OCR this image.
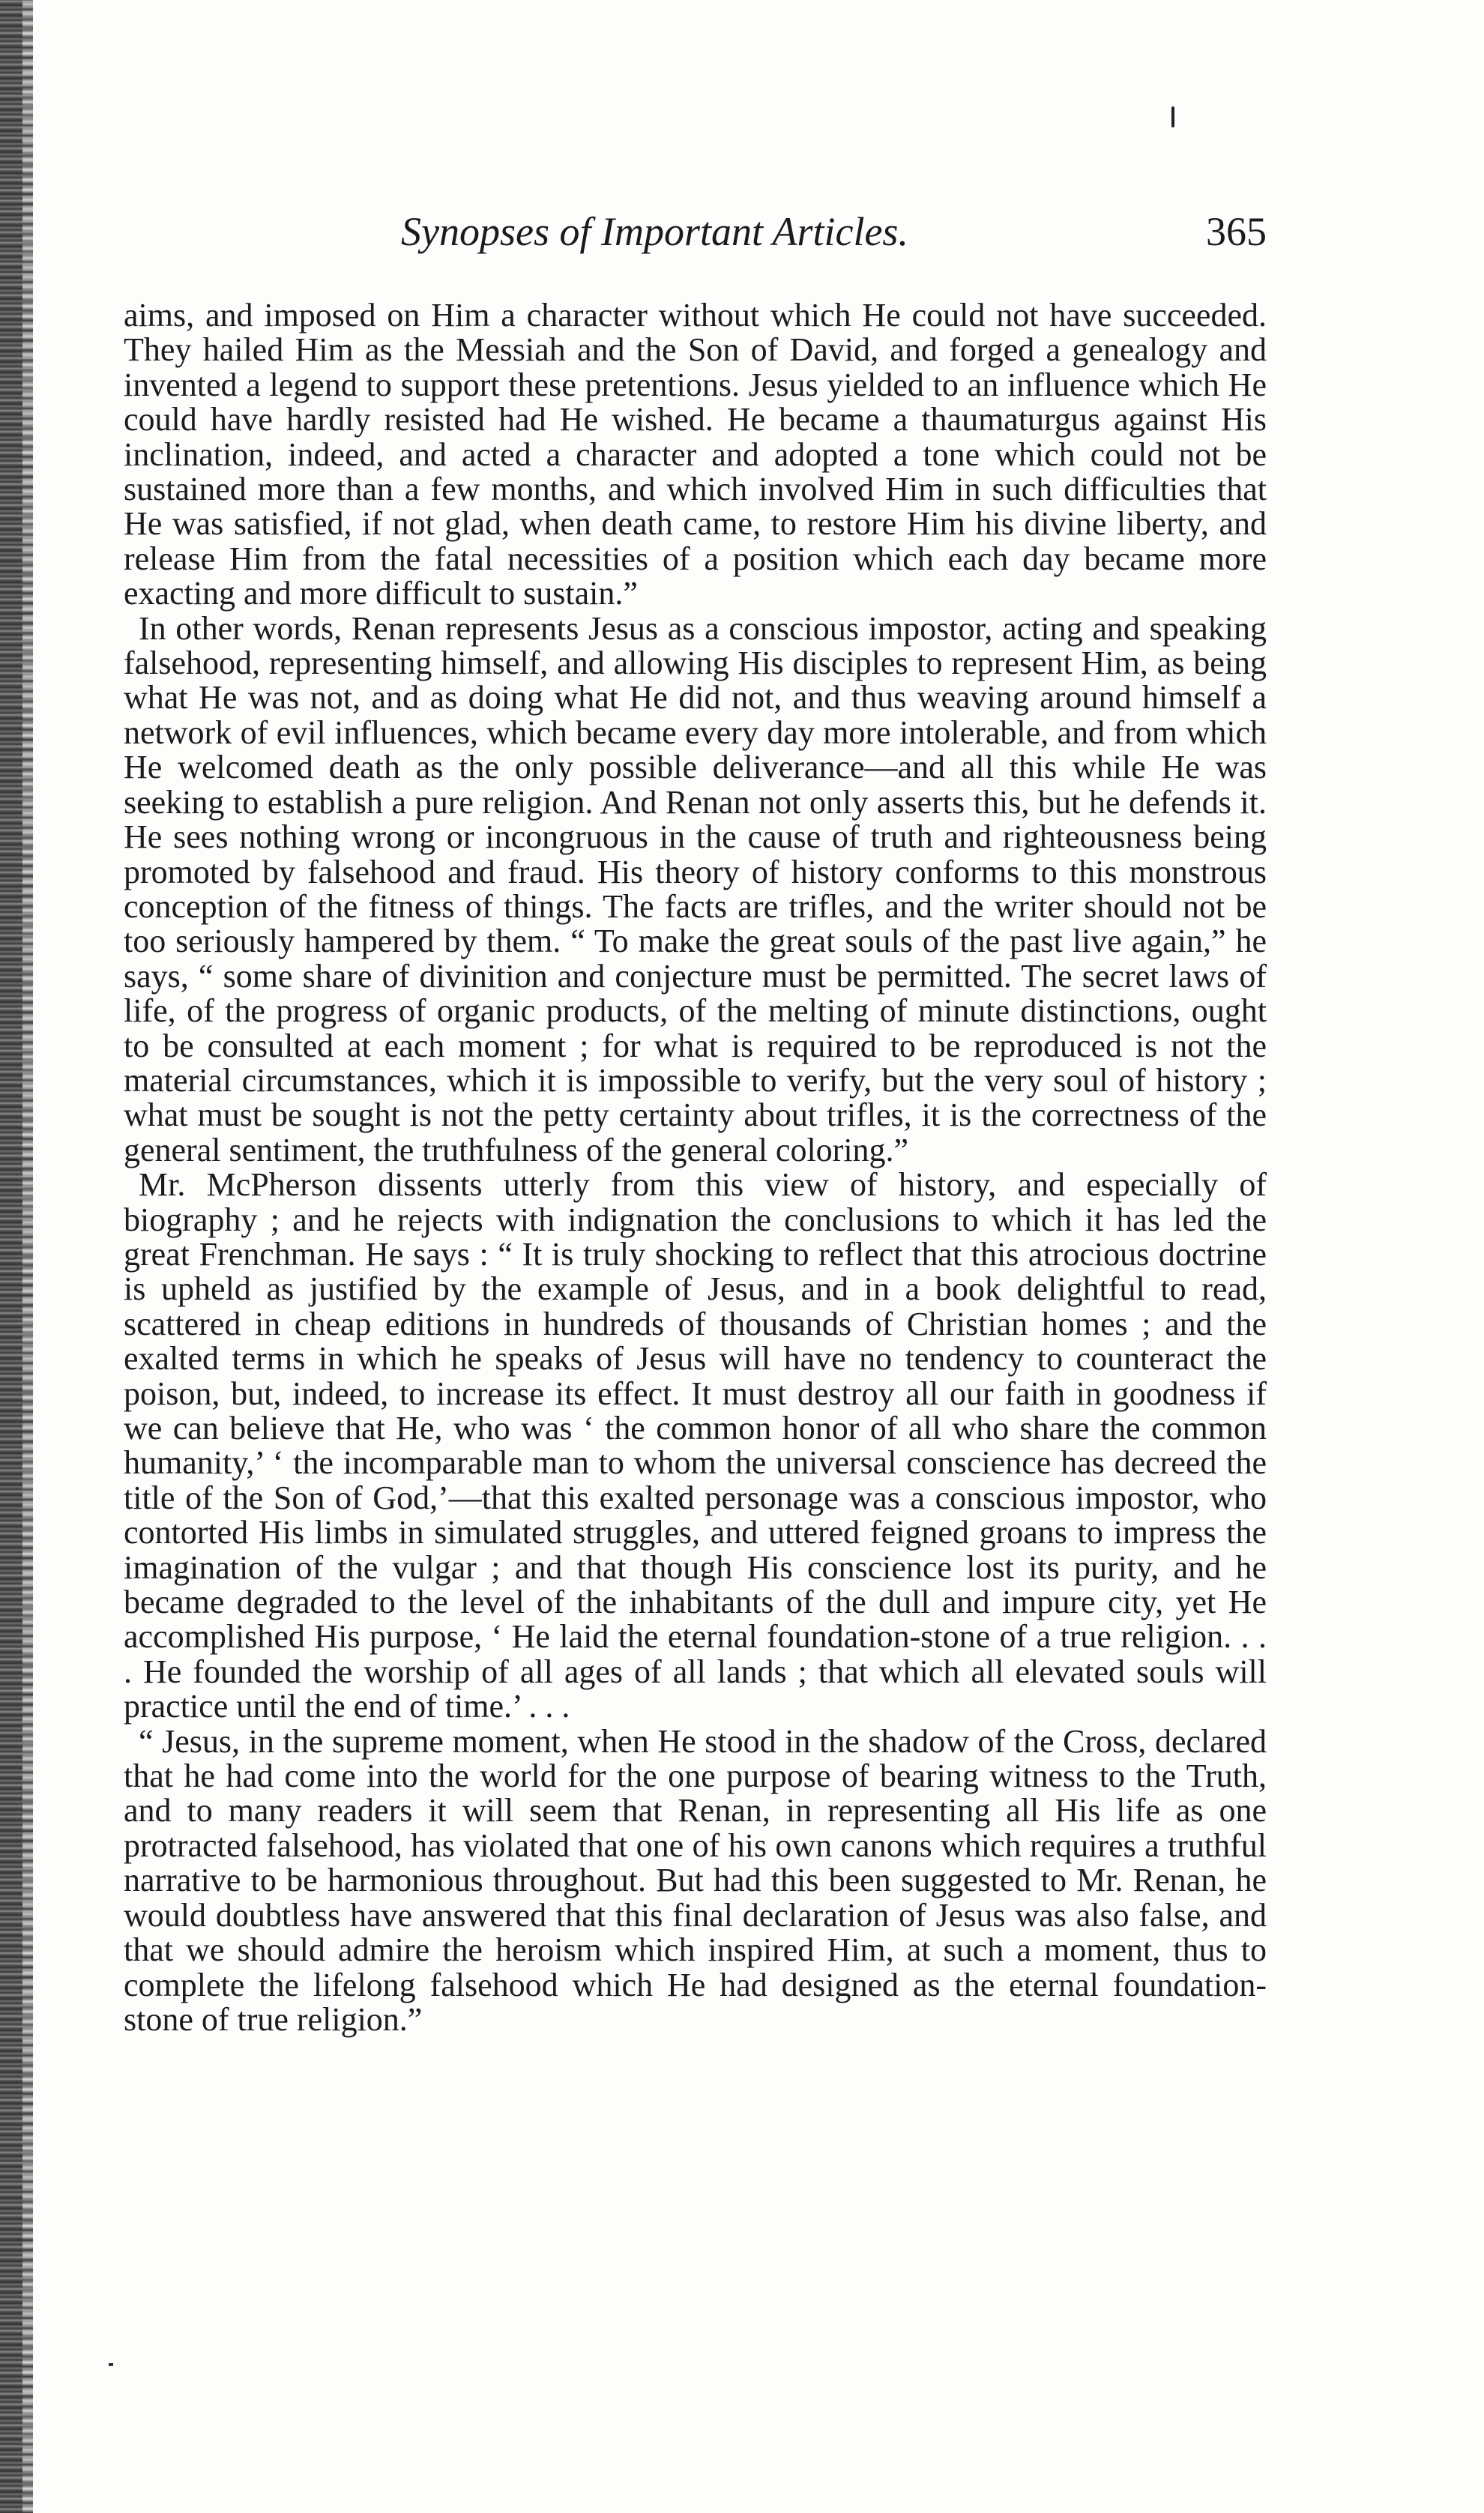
Synopses of Important Articles.	365

aims, and imposed on Him a character without which He could not have succeeded. They hailed Him as the Messiah and the Son of David, and forged a genealogy and invented a legend to support these pretentions. Jesus yielded to an influence which He could have hardly resisted had He wished. He became a thaumaturgus against His inclination, indeed, and acted a character and adopted a tone which could not be sustained more than a few months, and which involved Him in such difficulties that He was satisfied, if not glad, when death came, to restore Him his divine liberty, and release Him from the fatal necessities of a position which each day became more exacting and more difficult to sustain.”

In other words, Renan represents Jesus as a conscious impostor, acting and speaking falsehood, representing himself, and allowing His disciples to represent Him, as being what He was not, and as doing what He did not, and thus weaving around himself a network of evil influences, which became every day more intolerable, and from which He welcomed death as the only possible deliverance—and all this while He was seeking to establish a pure religion. And Renan not only asserts this, but he defends it. He sees nothing wrong or incongruous in the cause of truth and righteousness being promoted by falsehood and fraud. His theory of history conforms to this monstrous conception of the fitness of things. The facts are trifles, and the writer should not be too seriously hampered by them. “ To make the great souls of the past live again,” he says, “ some share of divinition and conjecture must be permitted. The secret laws of life, of the progress of organic products, of the melting of minute distinctions, ought to be consulted at each moment ; for what is required to be reproduced is not the material circumstances, which it is impossible to verify, but the very soul of history ; what must be sought is not the petty certainty about trifles, it is the correctness of the general sentiment, the truthfulness of the general coloring.”

Mr. McPherson dissents utterly from this view of history, and especially of biography ; and he rejects with indignation the conclusions to which it has led the great Frenchman. He says : “ It is truly shocking to reflect that this atrocious doctrine is upheld as justified by the example of Jesus, and in a book delightful to read, scattered in cheap editions in hundreds of thousands of Christian homes ; and the exalted terms in which he speaks of Jesus will have no tendency to counteract the poison, but, indeed, to increase its effect. It must destroy all our faith in goodness if we can believe that He, who was ‘ the common honor of all who share the common humanity,’ ‘ the incomparable man to whom the universal conscience has decreed the title of the Son of God,’—that this exalted personage was a conscious impostor, who contorted His limbs in simulated struggles, and uttered feigned groans to impress the imagination of the vulgar ; and that though His conscience lost its purity, and he became degraded to the level of the inhabitants of the dull and impure city, yet He accomplished His purpose, ‘ He laid the eternal foundation-stone of a true religion. . . . He founded the worship of all ages of all lands ; that which all elevated souls will practice until the end of time.’ . . .

“ Jesus, in the supreme moment, when He stood in the shadow of the Cross, declared that he had come into the world for the one purpose of bearing witness to the Truth, and to many readers it will seem that Renan, in representing all His life as one protracted falsehood, has violated that one of his own canons which requires a truthful narrative to be harmonious throughout. But had this been suggested to Mr. Renan, he would doubtless have answered that this final declaration of Jesus was also false, and that we should admire the heroism which inspired Him, at such a moment, thus to complete the lifelong falsehood which He had designed as the eternal foundation-stone of true religion.”
